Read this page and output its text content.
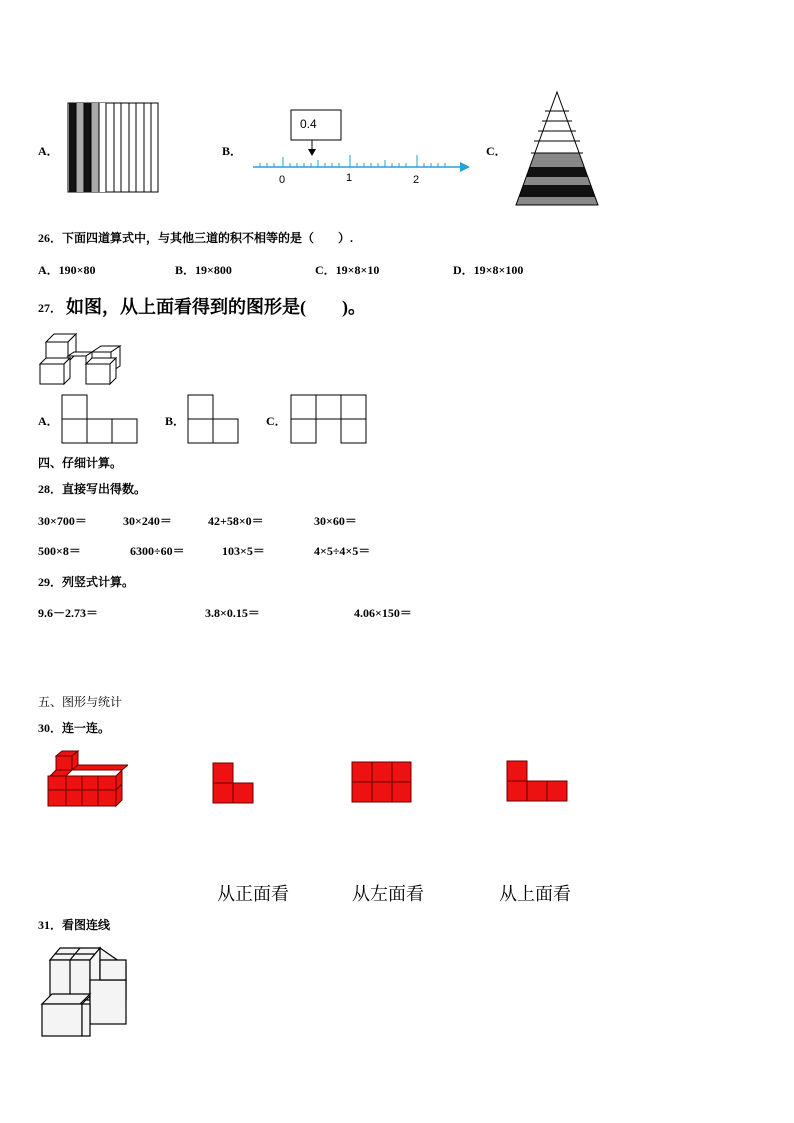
A．	B．
0.4
0	1	2
C．
26．下面四道算式中，与其他三道的积不相等的是（　　）.
A．190×80	B．19×800	C．19×8×10	D．19×8×100
27． 如图，从上面看得到的图形是(　　)。
A．	B．	C．
四、仔细计算。
28．直接写出得数。
30×700＝	30×240＝	42+58×0＝	30×60＝
500×8＝	6300÷60＝	103×5＝	4×5÷4×5＝
29．列竖式计算。
9.6－2.73＝	3.8×0.15＝	4.06×150＝
五、图形与统计
30．连一连。
从正面看	从左面看	从上面看
31．看图连线
